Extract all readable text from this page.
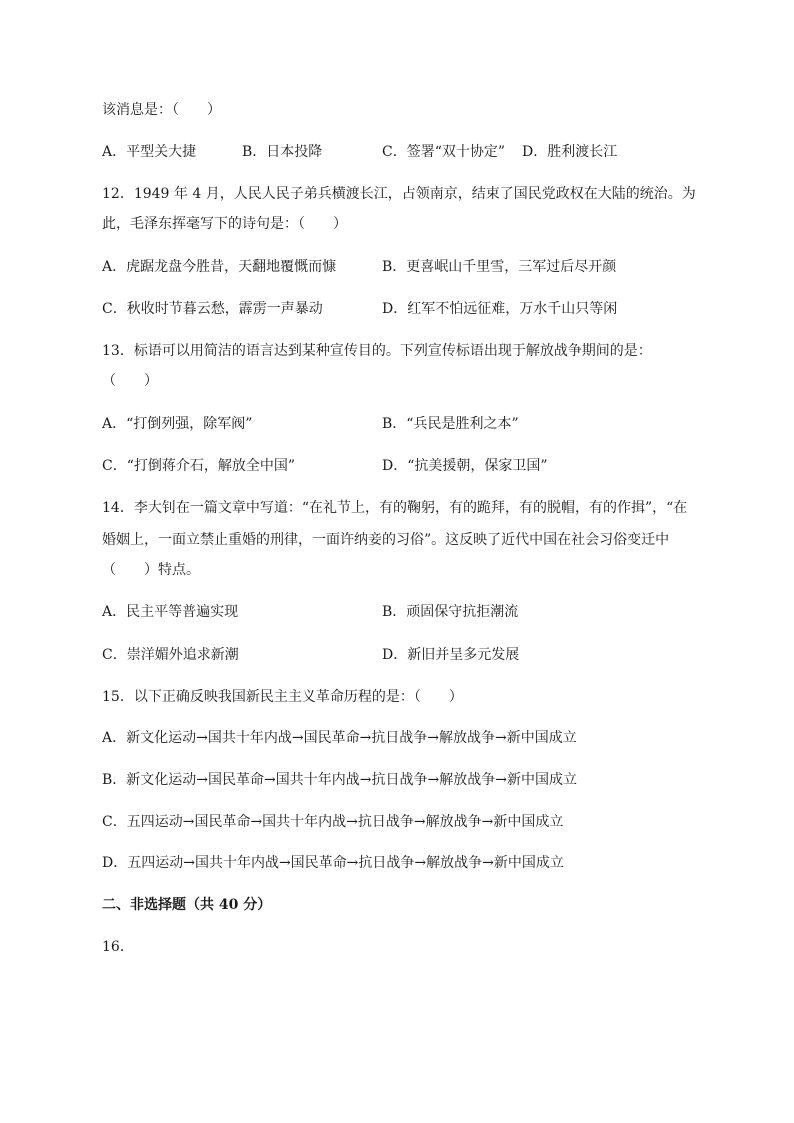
该消息是：（　　）
A．平型关大捷	B．日本投降	C．签署“双十协定” D．胜利渡长江
12．1949 年 4 月，人民人民子弟兵横渡长江，占领南京，结束了国民党政权在大陆的统治。为
此，毛泽东挥毫写下的诗句是：（　　）
A．虎踞龙盘今胜昔，天翻地覆慨而慷	B．更喜岷山千里雪，三军过后尽开颜
C．秋收时节暮云愁，霹雳一声暴动	D．红军不怕远征难，万水千山只等闲
13．标语可以用简洁的语言达到某种宣传目的。下列宣传标语出现于解放战争期间的是：
（　　）
A．“打倒列强，除军阀”	B．“兵民是胜利之本”
C．“打倒蒋介石，解放全中国”	D．“抗美援朝，保家卫国”
14．李大钊在一篇文章中写道：“在礼节上，有的鞠躬，有的跪拜，有的脱帽，有的作揖”，“在
婚姻上，一面立禁止重婚的刑律，一面许纳妾的习俗”。这反映了近代中国在社会习俗变迁中
（　　）特点。
A．民主平等普遍实现	B．顽固保守抗拒潮流
C．崇洋媚外追求新潮	D．新旧并呈多元发展
15．以下正确反映我国新民主主义革命历程的是：（　　）
A．新文化运动→国共十年内战→国民革命→抗日战争→解放战争→新中国成立
B．新文化运动→国民革命→国共十年内战→抗日战争→解放战争→新中国成立
C．五四运动→国民革命→国共十年内战→抗日战争→解放战争→新中国成立
D．五四运动→国共十年内战→国民革命→抗日战争→解放战争→新中国成立
二、非选择题（共 40 分）
16．
